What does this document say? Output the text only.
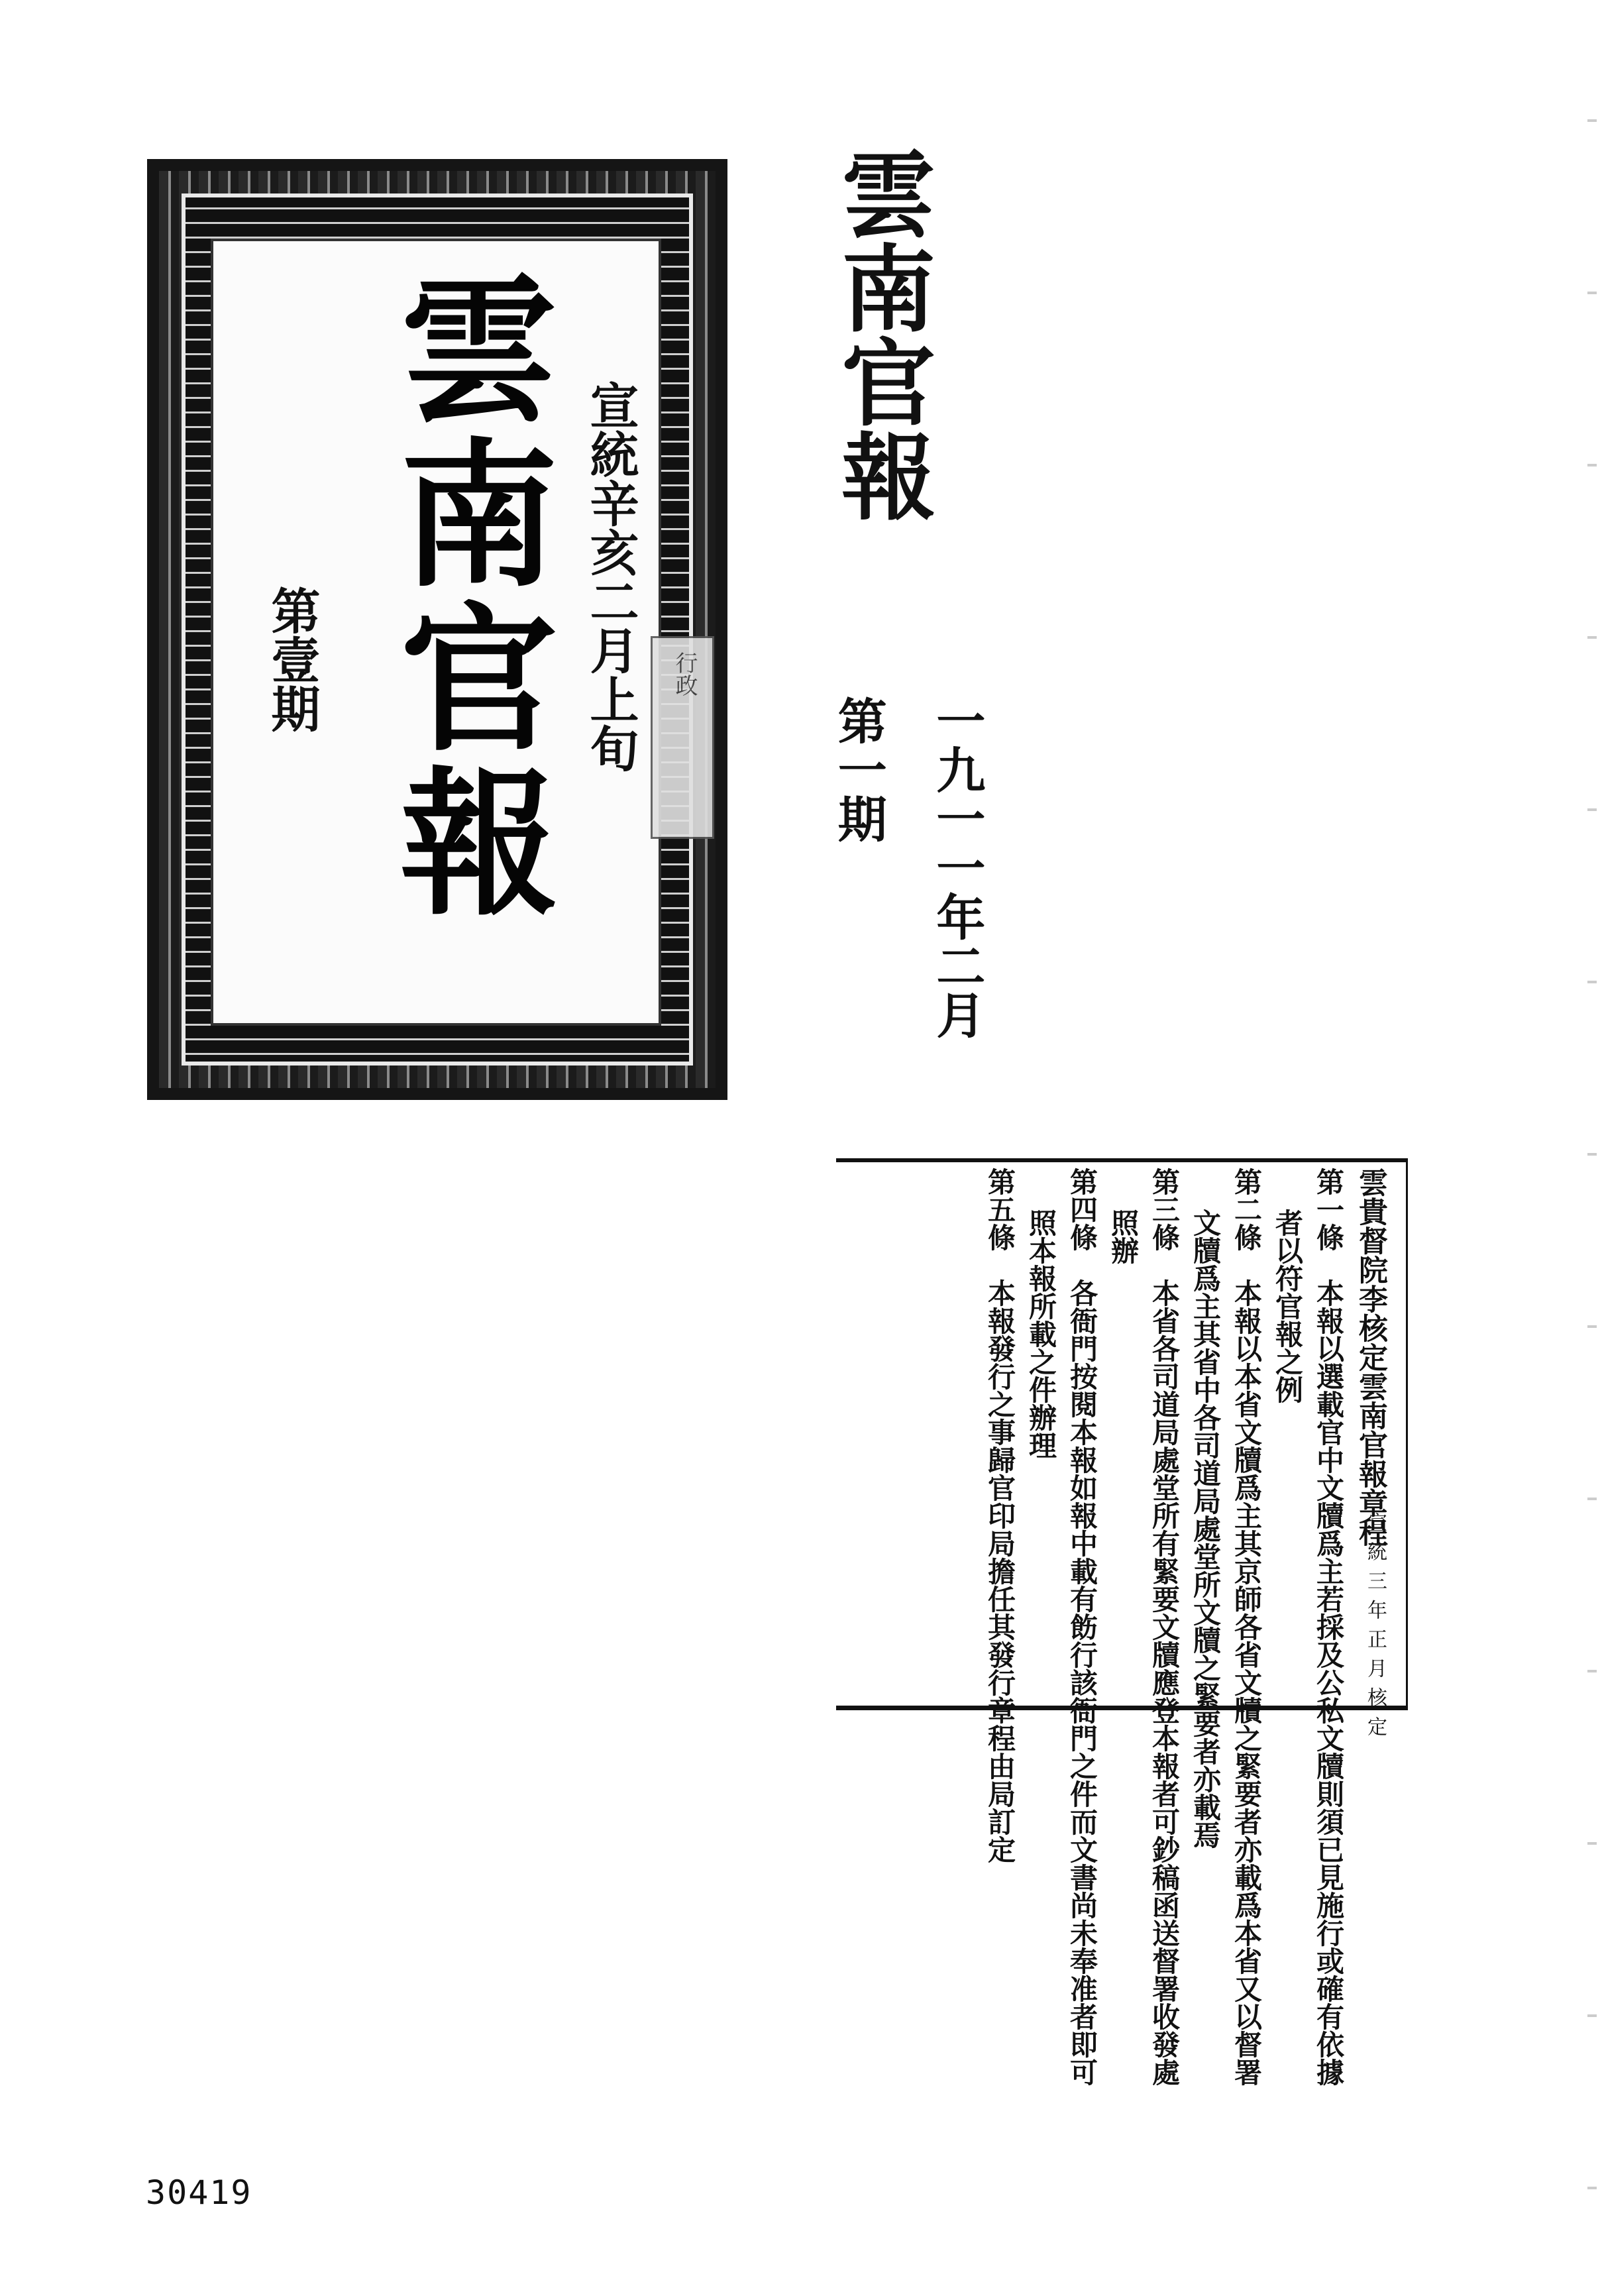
雲南官報 宣統辛亥二月上旬
第壹期	行政
雲南官報
第一期 一九一一年二月
雲貴督院李核定雲南官報章程
宣統三年正月核定
第一條　本報以選載官中文牘爲主若採及公私文牘則須已見施行或確有依據
者以符官報之例
第二條　本報以本省文牘爲主其京師各省文牘之緊要者亦載爲本省又以督署
文牘爲主其省中各司道局處堂所文牘之緊要者亦載焉
第三條　本省各司道局處堂所有緊要文牘應登本報者可鈔稿函送督署收發處
照辦
第四條　各衙門按閱本報如報中載有飭行該衙門之件而文書尚未奉准者即可
照本報所載之件辦理
第五條　本報發行之事歸官印局擔任其發行章程由局訂定
30419
